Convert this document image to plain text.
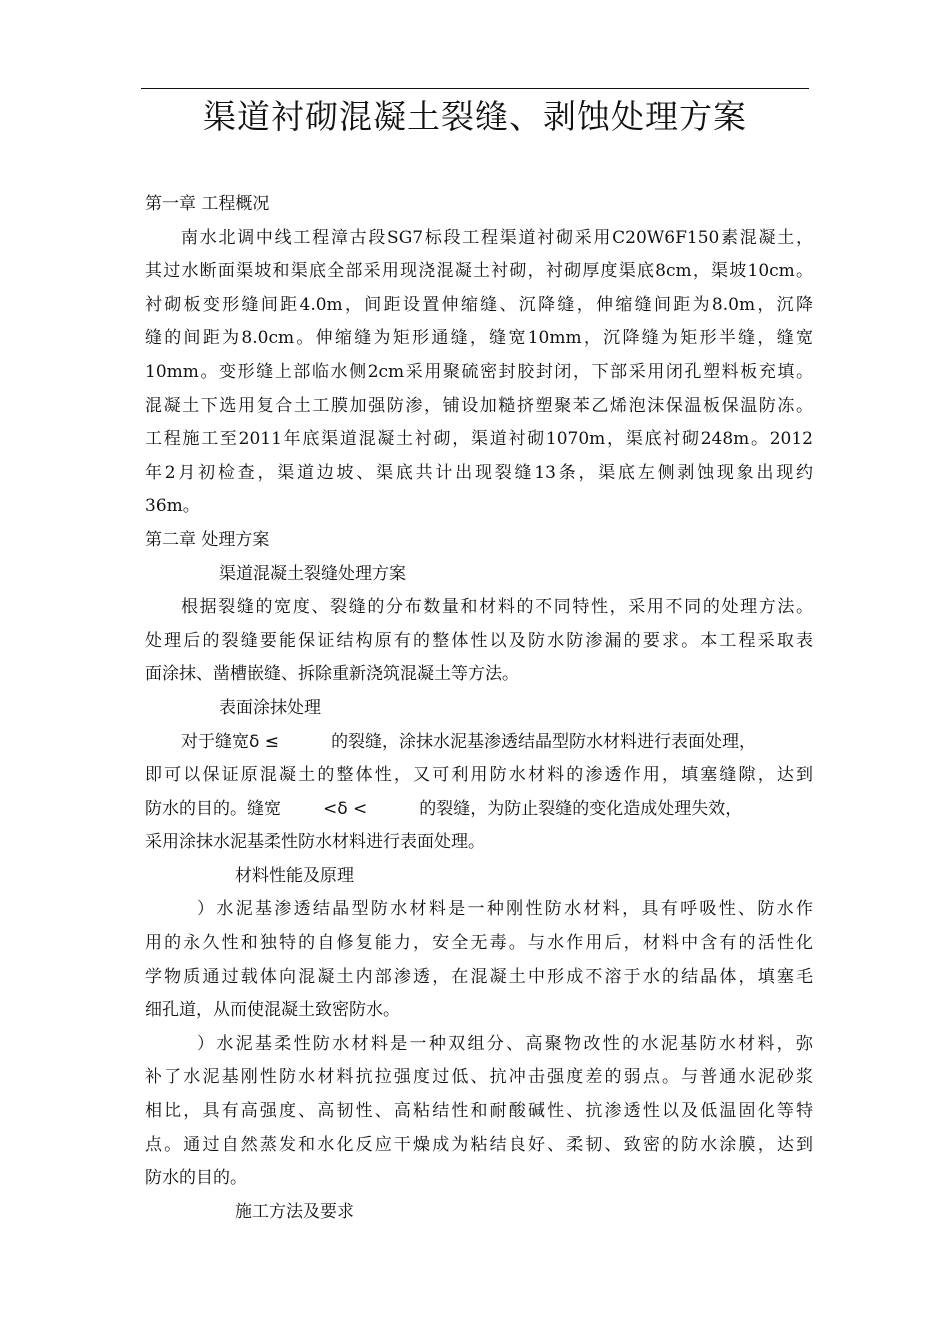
渠道衬砌混凝土裂缝、剥蚀处理方案
第一章 工程概况
南水北调中线工程漳古段SG7标段工程渠道衬砌采用C20W6F150素混凝土，
其过水断面渠坡和渠底全部采用现浇混凝土衬砌，衬砌厚度渠底8cm，渠坡10cm。
衬砌板变形缝间距4.0m，间距设置伸缩缝、沉降缝，伸缩缝间距为8.0m，沉降
缝的间距为8.0cm。伸缩缝为矩形通缝，缝宽10mm，沉降缝为矩形半缝，缝宽
10mm。变形缝上部临水侧2cm采用聚硫密封胶封闭，下部采用闭孔塑料板充填。
混凝土下选用复合土工膜加强防渗，铺设加糙挤塑聚苯乙烯泡沫保温板保温防冻。
工程施工至2011年底渠道混凝土衬砌，渠道衬砌1070m，渠底衬砌248m。2012
年2月初检查，渠道边坡、渠底共计出现裂缝13条，渠底左侧剥蚀现象出现约
36m。
第二章 处理方案
渠道混凝土裂缝处理方案
根据裂缝的宽度、裂缝的分布数量和材料的不同特性，采用不同的处理方法。
处理后的裂缝要能保证结构原有的整体性以及防水防渗漏的要求。本工程采取表
面涂抹、凿槽嵌缝、拆除重新浇筑混凝土等方法。
表面涂抹处理
对于缝宽δ ≤	的裂缝，涂抹水泥基渗透结晶型防水材料进行表面处理，
即可以保证原混凝土的整体性，又可利用防水材料的渗透作用，填塞缝隙，达到
防水的目的。缝宽 <δ <	的裂缝，为防止裂缝的变化造成处理失效，
采用涂抹水泥基柔性防水材料进行表面处理。
材料性能及原理
）水泥基渗透结晶型防水材料是一种刚性防水材料，具有呼吸性、防水作
用的永久性和独特的自修复能力，安全无毒。与水作用后，材料中含有的活性化
学物质通过载体向混凝土内部渗透，在混凝土中形成不溶于水的结晶体，填塞毛
细孔道，从而使混凝土致密防水。
）水泥基柔性防水材料是一种双组分、高聚物改性的水泥基防水材料，弥
补了水泥基刚性防水材料抗拉强度过低、抗冲击强度差的弱点。与普通水泥砂浆
相比，具有高强度、高韧性、高粘结性和耐酸碱性、抗渗透性以及低温固化等特
点。通过自然蒸发和水化反应干燥成为粘结良好、柔韧、致密的防水涂膜，达到
防水的目的。
施工方法及要求
